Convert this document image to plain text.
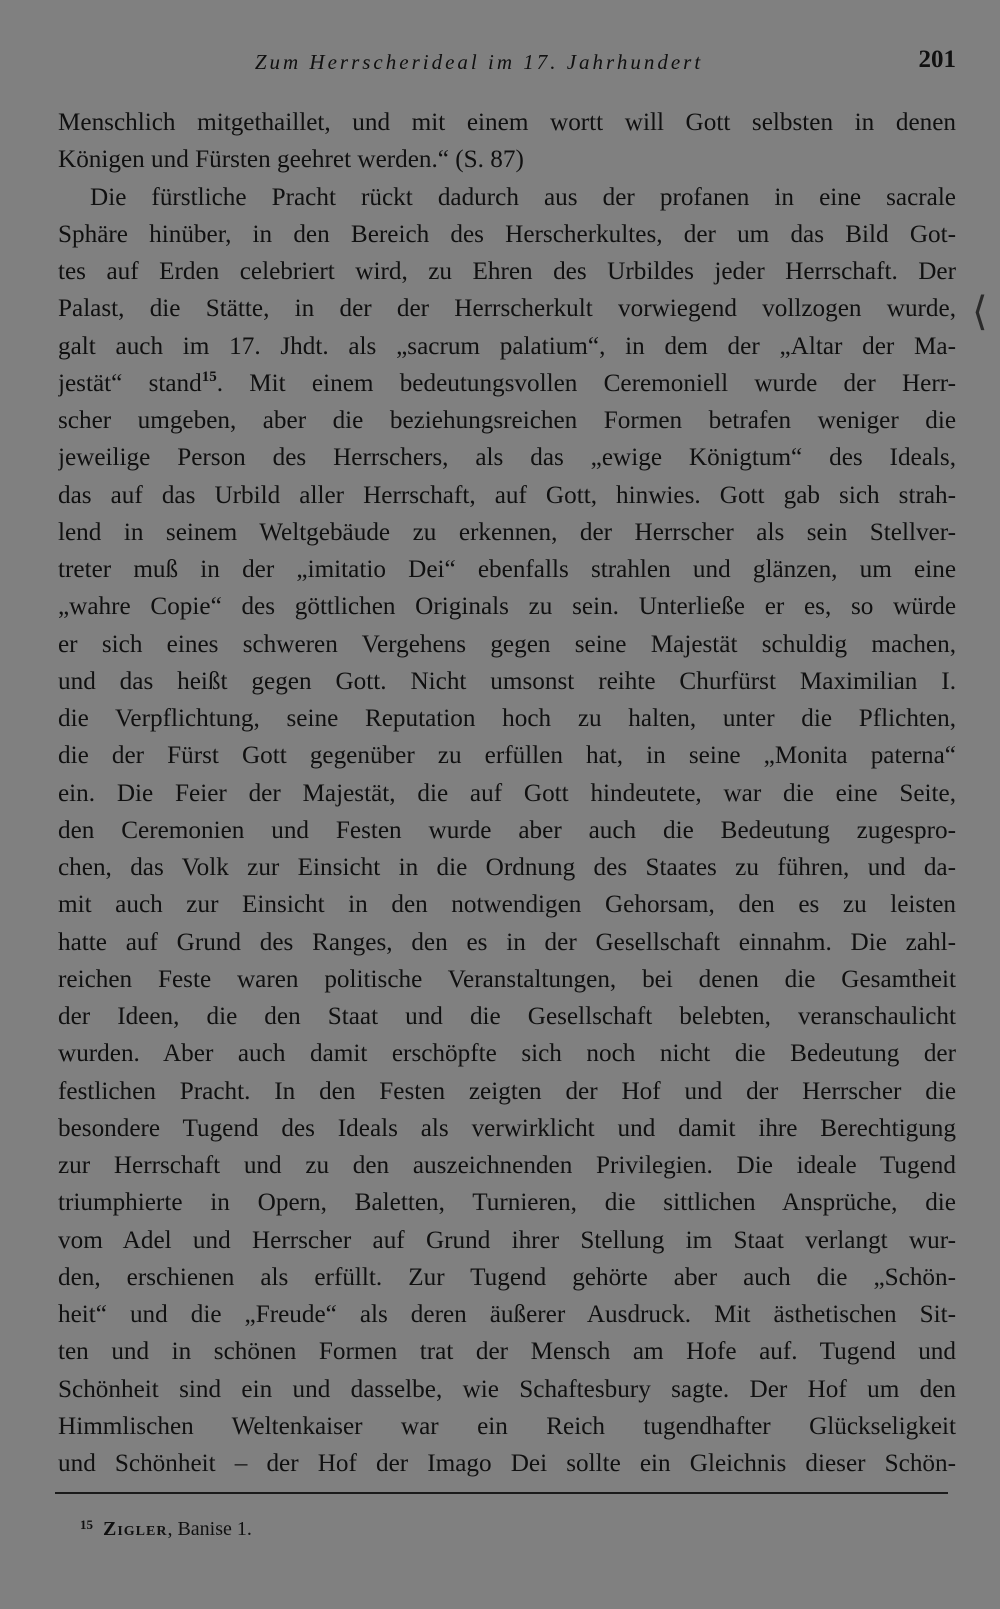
Zum Herrscherideal im 17. Jahrhundert	201
Menschlich mitgethaillet, und mit einem wortt will Gott selbsten in denen
Königen und Fürsten geehret werden.“ (S. 87)
Die fürstliche Pracht rückt dadurch aus der profanen in eine sacrale
Sphäre hinüber, in den Bereich des Herscherkultes, der um das Bild Got-
tes auf Erden celebriert wird, zu Ehren des Urbildes jeder Herrschaft. Der
Palast, die Stätte, in der der Herrscherkult vorwiegend vollzogen wurde,
galt auch im 17. Jhdt. als „sacrum palatium“, in dem der „Altar der Ma-
jestät“ stand$^{15}$. Mit einem bedeutungsvollen Ceremoniell wurde der Herr-
scher umgeben, aber die beziehungsreichen Formen betrafen weniger die
jeweilige Person des Herrschers, als das „ewige Königtum“ des Ideals,
das auf das Urbild aller Herrschaft, auf Gott, hinwies. Gott gab sich strah-
lend in seinem Weltgebäude zu erkennen, der Herrscher als sein Stellver-
treter muß in der „imitatio Dei“ ebenfalls strahlen und glänzen, um eine
„wahre Copie“ des göttlichen Originals zu sein. Unterließe er es, so würde
er sich eines schweren Vergehens gegen seine Majestät schuldig machen,
und das heißt gegen Gott. Nicht umsonst reihte Churfürst Maximilian I.
die Verpflichtung, seine Reputation hoch zu halten, unter die Pflichten,
die der Fürst Gott gegenüber zu erfüllen hat, in seine „Monita paterna“
ein. Die Feier der Majestät, die auf Gott hindeutete, war die eine Seite,
den Ceremonien und Festen wurde aber auch die Bedeutung zugespro-
chen, das Volk zur Einsicht in die Ordnung des Staates zu führen, und da-
mit auch zur Einsicht in den notwendigen Gehorsam, den es zu leisten
hatte auf Grund des Ranges, den es in der Gesellschaft einnahm. Die zahl-
reichen Feste waren politische Veranstaltungen, bei denen die Gesamtheit
der Ideen, die den Staat und die Gesellschaft belebten, veranschaulicht
wurden. Aber auch damit erschöpfte sich noch nicht die Bedeutung der
festlichen Pracht. In den Festen zeigten der Hof und der Herrscher die
besondere Tugend des Ideals als verwirklicht und damit ihre Berechtigung
zur Herrschaft und zu den auszeichnenden Privilegien. Die ideale Tugend
triumphierte in Opern, Baletten, Turnieren, die sittlichen Ansprüche, die
vom Adel und Herrscher auf Grund ihrer Stellung im Staat verlangt wur-
den, erschienen als erfüllt. Zur Tugend gehörte aber auch die „Schön-
heit“ und die „Freude“ als deren äußerer Ausdruck. Mit ästhetischen Sit-
ten und in schönen Formen trat der Mensch am Hofe auf. Tugend und
Schönheit sind ein und dasselbe, wie Schaftesbury sagte. Der Hof um den
Himmlischen Weltenkaiser war ein Reich tugendhafter Glückseligkeit
und Schönheit – der Hof der Imago Dei sollte ein Gleichnis dieser Schön-
⟨
$^{15}$ Zigler, Banise 1.
